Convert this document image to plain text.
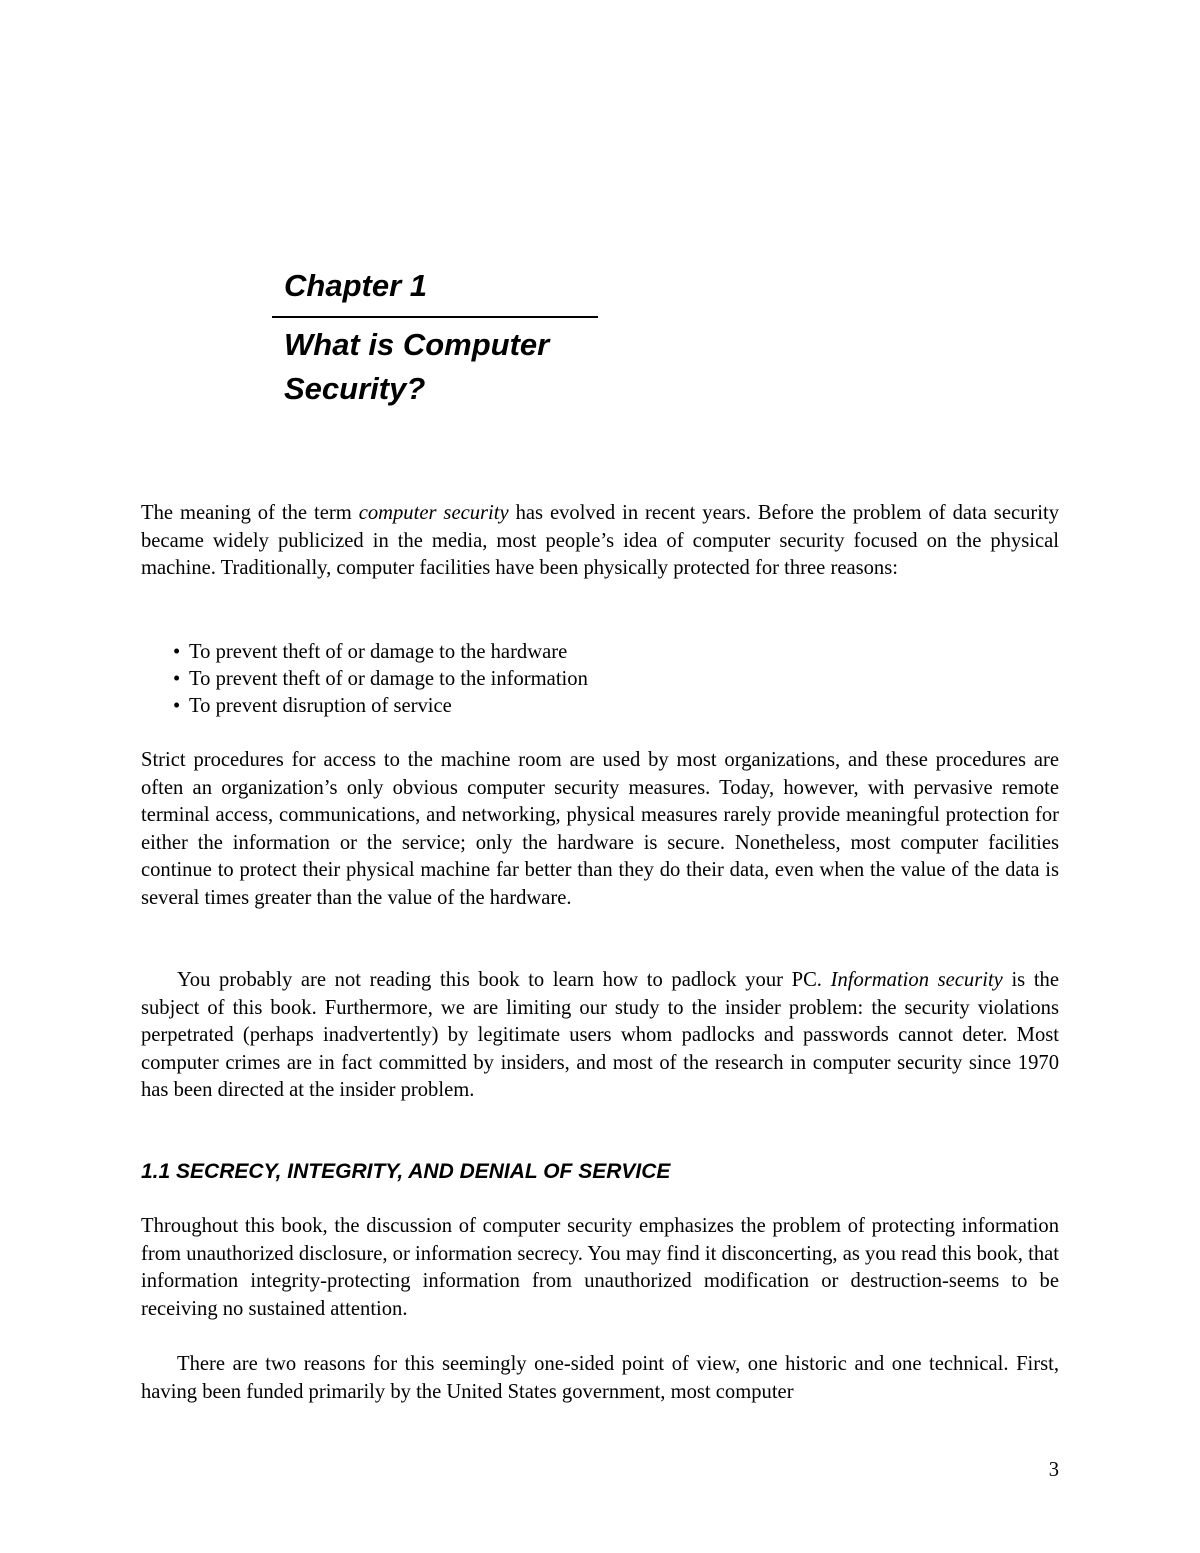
Chapter 1
What is Computer
Security?

The meaning of the term computer security has evolved in recent years. Before the problem of data security became widely publicized in the media, most people’s idea of computer security focused on the physical machine. Traditionally, computer facilities have been physically protected for three reasons:

• To prevent theft of or damage to the hardware
• To prevent theft of or damage to the information
• To prevent disruption of service

Strict procedures for access to the machine room are used by most organizations, and these procedures are often an organization’s only obvious computer security measures. Today, however, with pervasive remote terminal access, communications, and networking, physical measures rarely provide meaningful protection for either the information or the service; only the hardware is secure. Nonetheless, most computer facilities continue to protect their physical machine far better than they do their data, even when the value of the data is several times greater than the value of the hardware.

You probably are not reading this book to learn how to padlock your PC. Information security is the subject of this book. Furthermore, we are limiting our study to the insider problem: the security violations perpetrated (perhaps inadvertently) by legitimate users whom padlocks and passwords cannot deter. Most computer crimes are in fact committed by insiders, and most of the research in computer security since 1970 has been directed at the insider problem.

1.1 SECRECY, INTEGRITY, AND DENIAL OF SERVICE

Throughout this book, the discussion of computer security emphasizes the problem of protecting information from unauthorized disclosure, or information secrecy. You may find it disconcerting, as you read this book, that information integrity-protecting information from unauthorized modification or destruction-seems to be receiving no sustained attention.

There are two reasons for this seemingly one-sided point of view, one historic and one technical. First, having been funded primarily by the United States government, most computer

3
